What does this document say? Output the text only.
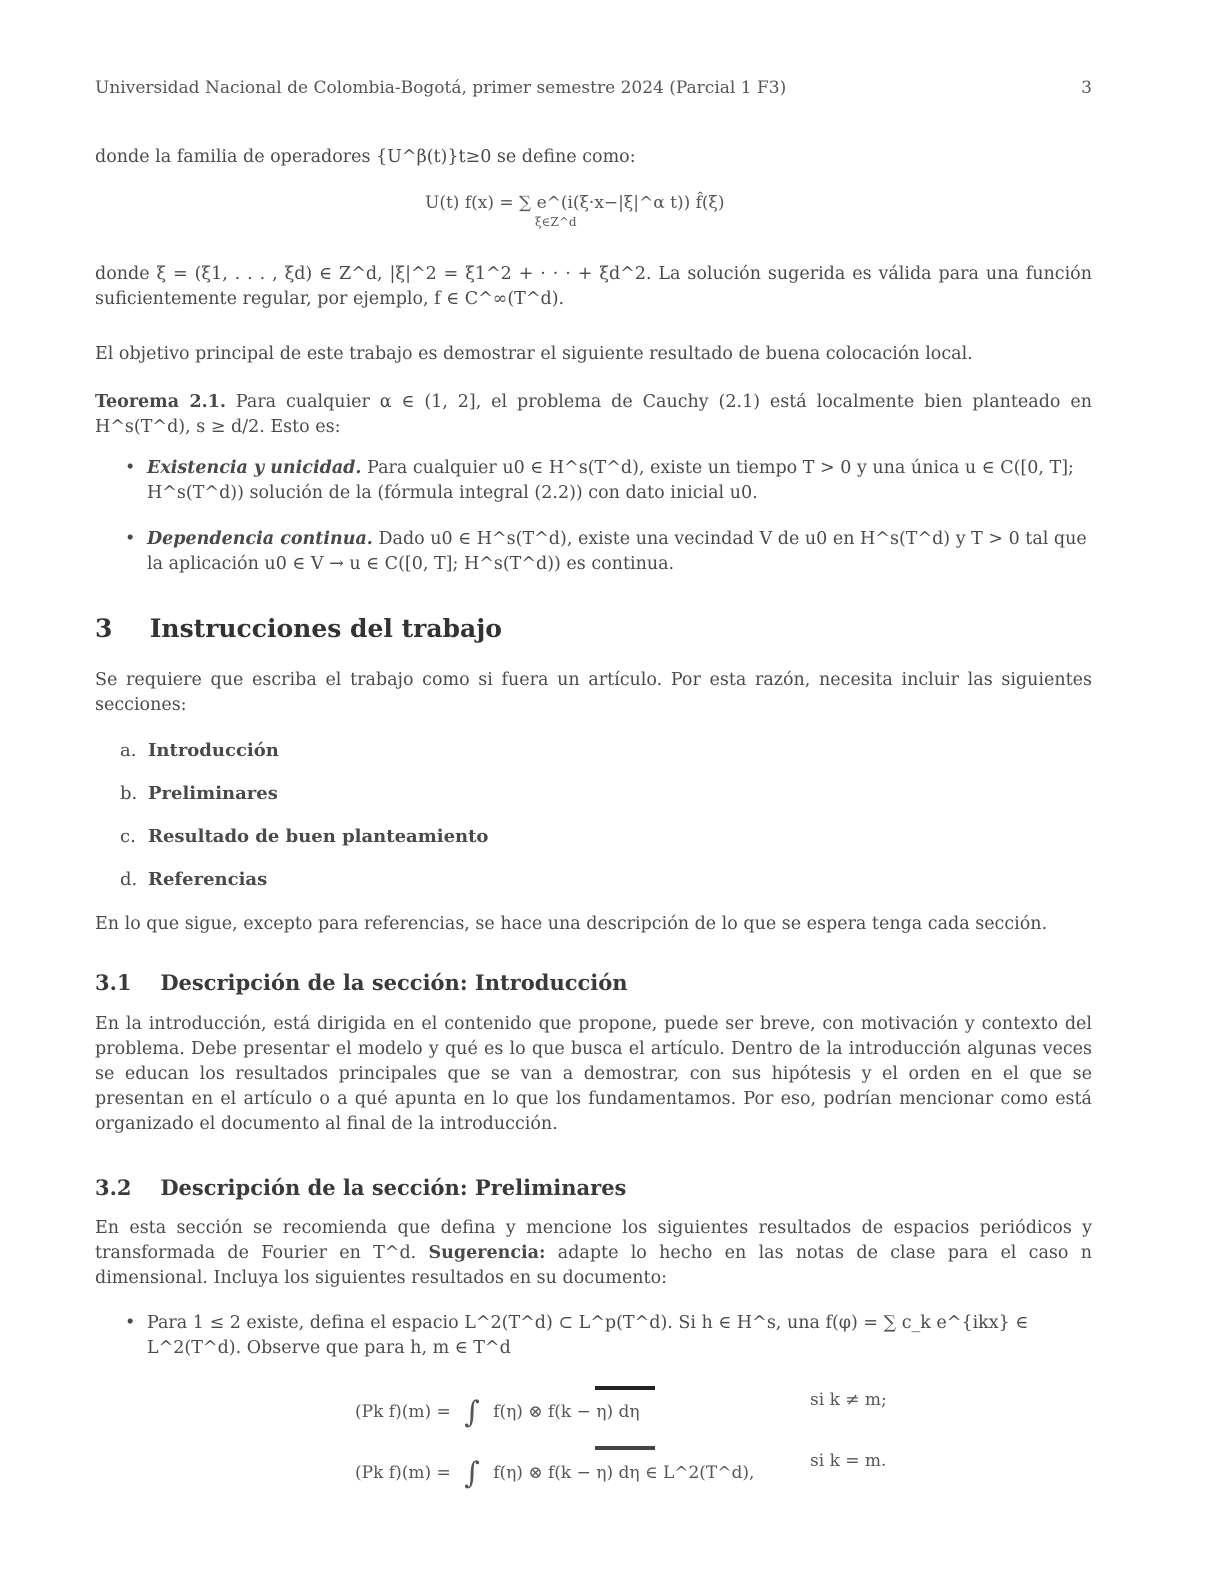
Universidad Nacional de Colombia-Bogotá, primer semestre 2024 (Parcial 1 F3)	3
donde la familia de operadores {U^β(t)}t≥0 se define como:
U(t) f(x) = ∑ e^(i(ξ·x−|ξ|^α t)) f̂(ξ)
ξ∈Z^d
donde ξ = (ξ1, . . . , ξd) ∈ Z^d, |ξ|^2 = ξ1^2 + · · · + ξd^2. La solución sugerida es válida para una función suficientemente regular, por ejemplo, f ∈ C^∞(T^d).
El objetivo principal de este trabajo es demostrar el siguiente resultado de buena colocación local.
Teorema 2.1. Para cualquier α ∈ (1, 2], el problema de Cauchy (2.1) está localmente bien planteado en H^s(T^d), s ≥ d/2. Esto es:
• Existencia y unicidad. Para cualquier u0 ∈ H^s(T^d), existe un tiempo T > 0 y una única u ∈ C([0, T]; H^s(T^d)) solución de la (fórmula integral (2.2)) con dato inicial u0.
• Dependencia continua. Dado u0 ∈ H^s(T^d), existe una vecindad V de u0 en H^s(T^d) y T > 0 tal que la aplicación u0 ∈ V → u ∈ C([0, T]; H^s(T^d)) es continua.
3 Instrucciones del trabajo
Se requiere que escriba el trabajo como si fuera un artículo. Por esta razón, necesita incluir las siguientes secciones:
a. Introducción
b. Preliminares
c. Resultado de buen planteamiento
d. Referencias
En lo que sigue, excepto para referencias, se hace una descripción de lo que se espera tenga cada sección.
3.1 Descripción de la sección: Introducción
En la introducción, está dirigida en el contenido que propone, puede ser breve, con motivación y contexto del problema. Debe presentar el modelo y qué es lo que busca el artículo. Dentro de la introducción algunas veces se educan los resultados principales que se van a demostrar, con sus hipótesis y el orden en el que se presentan en el artículo o a qué apunta en lo que los fundamentamos. Por eso, podrían mencionar como está organizado el documento al final de la introducción.
3.2 Descripción de la sección: Preliminares
En esta sección se recomienda que defina y mencione los siguientes resultados de espacios periódicos y transformada de Fourier en T^d. Sugerencia: adapte lo hecho en las notas de clase para el caso n dimensional. Incluya los siguientes resultados en su documento:
• Para 1 ≤ 2 existe, defina el espacio L^2(T^d) ⊂ L^p(T^d). Si h ∈ H^s, una f(φ) = ∑ c_k e^{ikx} ∈ L^2(T^d). Observe que para h, m ∈ T^d
(Pk f)(m) = ∫ f(η) ⊗ f(k − η) dη
si k ≠ m;
(Pk f)(m) = ∫ f(η) ⊗ f(k − η) dη ∈ L^2(T^d),
si k = m.
